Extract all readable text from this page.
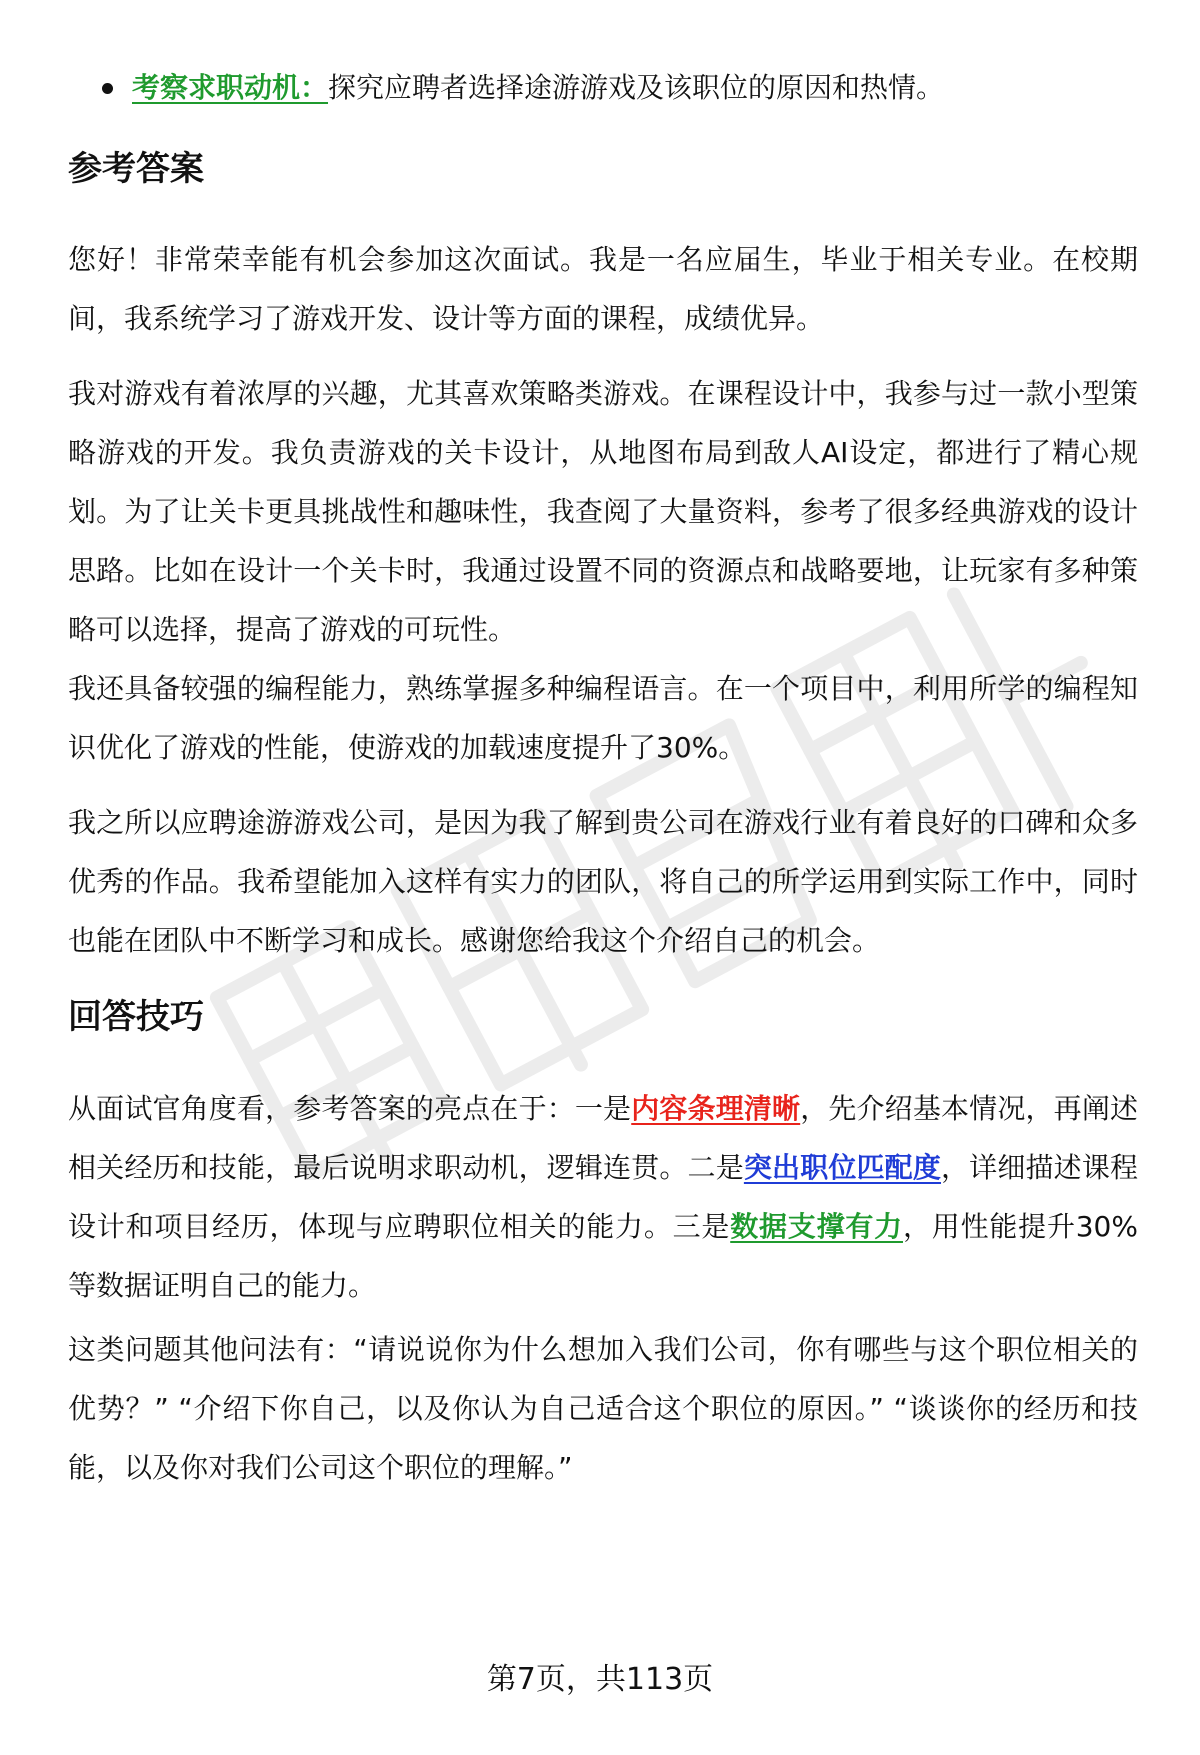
考察求职动机：探究应聘者选择途游游戏及该职位的原因和热情。
参考答案

您好！非常荣幸能有机会参加这次面试。我是一名应届生，毕业于相关专业。在校期间，我系统学习了游戏开发、设计等方面的课程，成绩优异。

我对游戏有着浓厚的兴趣，尤其喜欢策略类游戏。在课程设计中，我参与过一款小型策略游戏的开发。我负责游戏的关卡设计，从地图布局到敌人AI设定，都进行了精心规划。为了让关卡更具挑战性和趣味性，我查阅了大量资料，参考了很多经典游戏的设计思路。比如在设计一个关卡时，我通过设置不同的资源点和战略要地，让玩家有多种策略可以选择，提高了游戏的可玩性。

我还具备较强的编程能力，熟练掌握多种编程语言。在一个项目中，利用所学的编程知识优化了游戏的性能，使游戏的加载速度提升了30%。

我之所以应聘途游游戏公司，是因为我了解到贵公司在游戏行业有着良好的口碑和众多优秀的作品。我希望能加入这样有实力的团队，将自己的所学运用到实际工作中，同时也能在团队中不断学习和成长。感谢您给我这个介绍自己的机会。

回答技巧

从面试官角度看，参考答案的亮点在于：一是内容条理清晰，先介绍基本情况，再阐述相关经历和技能，最后说明求职动机，逻辑连贯。二是突出职位匹配度，详细描述课程设计和项目经历，体现与应聘职位相关的能力。三是数据支撑有力，用性能提升30%等数据证明自己的能力。

这类问题其他问法有：“请说说你为什么想加入我们公司，你有哪些与这个职位相关的优势？” “介绍下你自己，以及你认为自己适合这个职位的原因。” “谈谈你的经历和技能，以及你对我们公司这个职位的理解。”

第7页，共113页
